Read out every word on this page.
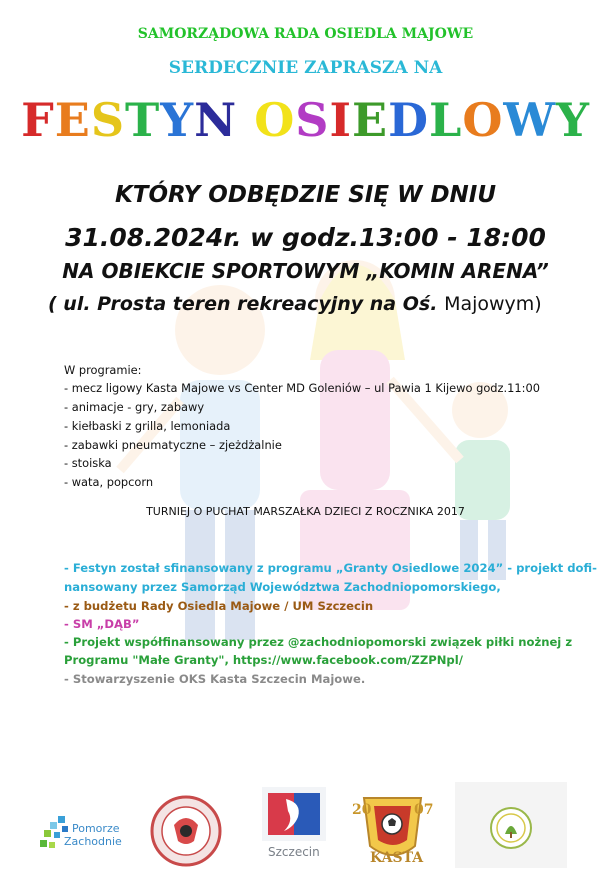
SAMORZĄDOWA RADA OSIEDLA MAJOWE
SERDECZNIE ZAPRASZA NA
FESTYN OSIEDLOWY
KTÓRY ODBĘDZIE SIĘ W DNIU
31.08.2024r. w godz.13:00 - 18:00
NA OBIEKCIE SPORTOWYM „KOMIN ARENA”
( ul. Prosta teren rekreacyjny na Oś. Majowym)
W programie:
- mecz ligowy Kasta Majowe vs Center MD Goleniów – ul Pawia 1 Kijewo godz.11:00
- animacje - gry, zabawy
- kiełbaski z grilla, lemoniada
- zabawki pneumatyczne – zjeżdżalnie
- stoiska
- wata, popcorn
TURNIEJ O PUCHAT MARSZAŁKA DZIECI Z ROCZNIKA 2017
- Festyn został sfinansowany z programu „Granty Osiedlowe 2024” - projekt dofi-
nansowany przez Samorząd Województwa Zachodniopomorskiego,
- z budżetu Rady Osiedla Majowe / UM Szczecin
- SM „DĄB”
- Projekt współfinansowany przez @zachodniopomorski związek piłki nożnej z
Programu "Małe Granty", https://www.facebook.com/ZZPNpl/
- Stowarzyszenie OKS Kasta Szczecin Majowe.
Pomorze
Zachodnie
Szczecin
20	07
KASTA
